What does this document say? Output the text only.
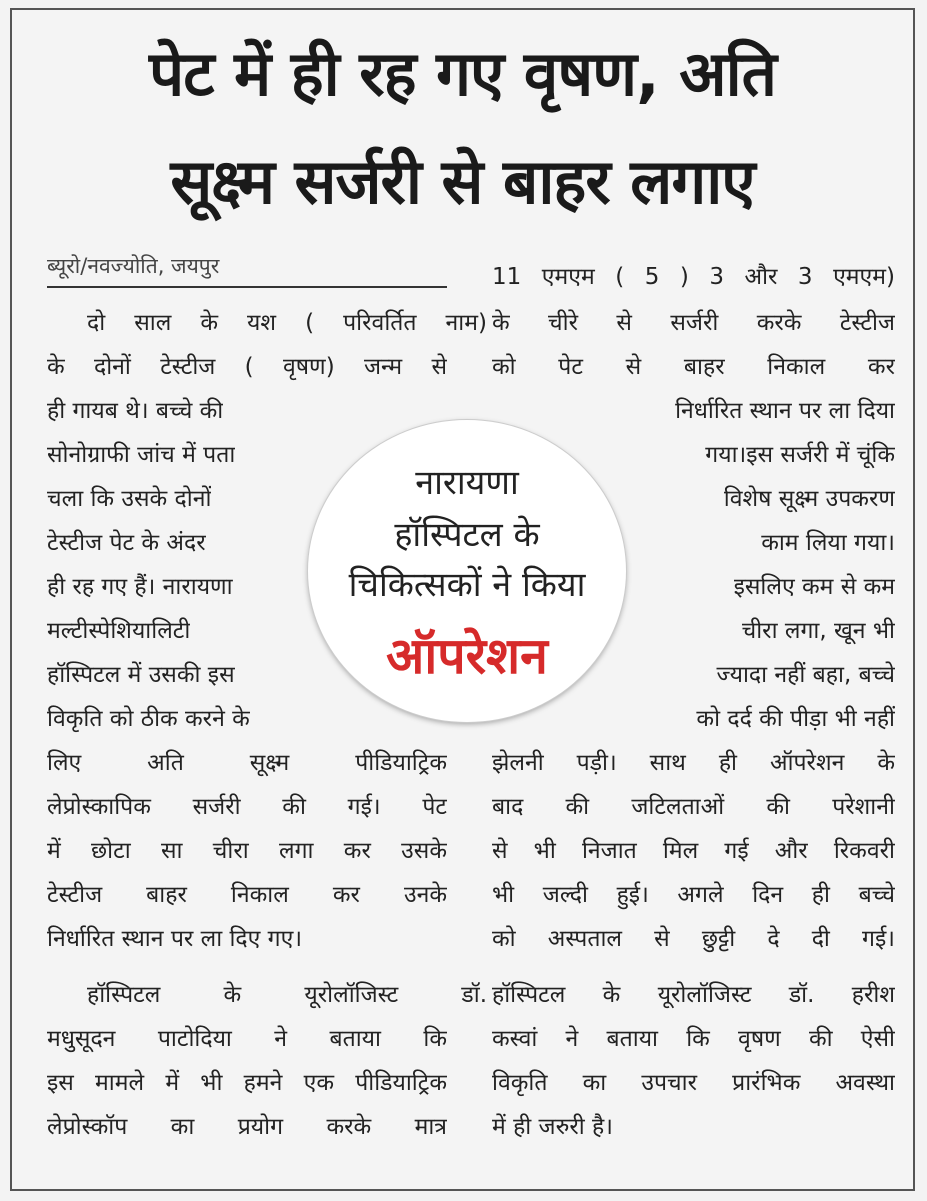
पेट में ही रह गए वृषण, अति
सूक्ष्म सर्जरी से बाहर लगाए
ब्यूरो/नवज्योति, जयपुर
दो साल के यश ( परिवर्तित नाम)
के दोनों टेस्टीज ( वृषण) जन्म से
ही गायब थे। बच्चे की
सोनोग्राफी जांच में पता
चला कि उसके दोनों
टेस्टीज पेट के अंदर
ही रह गए हैं। नारायणा
मल्टीस्पेशियालिटी
हॉस्पिटल में उसकी इस
विकृति को ठीक करने के
लिए अति सूक्ष्म पीडियाट्रिक
लेप्रोस्कापिक सर्जरी की गई। पेट
में छोटा सा चीरा लगा कर उसके
टेस्टीज बाहर निकाल कर उनके
निर्धारित स्थान पर ला दिए गए।
हॉस्पिटल के यूरोलॉजिस्ट डॉ.
मधुसूदन पाटोदिया ने बताया कि
इस मामले में भी हमने एक पीडियाट्रिक
लेप्रोस्कॉप का प्रयोग करके मात्र
11 एमएम ( 5 ) 3 और 3 एमएम)
के चीरे से सर्जरी करके टेस्टीज
को पेट से बाहर निकाल कर
निर्धारित स्थान पर ला दिया
गया।इस सर्जरी में चूंकि
विशेष सूक्ष्म उपकरण
काम लिया गया।
इसलिए कम से कम
चीरा लगा, खून भी
ज्यादा नहीं बहा, बच्चे
को दर्द की पीड़ा भी नहीं
झेलनी पड़ी। साथ ही ऑपरेशन के
बाद की जटिलताओं की परेशानी
से भी निजात मिल गई और रिकवरी
भी जल्दी हुई। अगले दिन ही बच्चे
को अस्पताल से छुट्टी दे दी गई।
हॉस्पिटल के यूरोलॉजिस्ट डॉ. हरीश
कस्वां ने बताया कि वृषण की ऐसी
विकृति का उपचार प्रारंभिक अवस्था
में ही जरुरी है।
नारायणा
हॉस्पिटल के
चिकित्सकों ने किया
ऑपरेशन
